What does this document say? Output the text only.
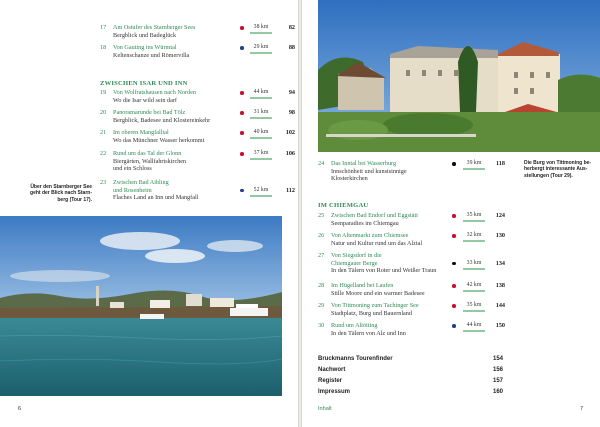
17	Am Ostufer des Starnberger Sees
Bergblick und Badeglück
38 km	82
18	Von Gauting ins Würmtal
Keltenschanze und Römervilla
29 km	88
ZWISCHEN ISAR UND INN
19	Von Wolfratshausen nach Norden
Wo die Isar wild sein darf
44 km	94
20	Panoramarunde bei Bad Tölz
Bergblick, Badesee und Klostereinkehr
31 km	98
21	Im oberen Mangfalltal
Wo das Münchner Wasser herkommt
40 km	102
22	Rund um das Tal der Glonn
Biergärten, Wallfahrtskirchen
und ein Schloss
37 km	106
23	Zwischen Bad Aibling
und Rosenheim
Flaches Land an Inn und Mangfall
52 km	112
Über den Starnberger See
geht der Blick nach Starn-
berg (Tour 17).
6
24	Das Inntal bei Wasserburg
Innschönheit und kunstsinnige
Klosterkirchen
39 km	118	Die Burg von Tittmoning be-
herbergt interessante Aus-
stellungen (Tour 29).
IM CHIEMGAU
25	Zwischen Bad Endorf und Eggstätt
Seenparadies im Chiemgau
35 km	124
26	Von Altenmarkt zum Chiemsee
Natur und Kultur rund um das Alztal
32 km	130
27	Von Siegsdorf in die
Chiemgauer Berge
In den Tälern von Roter und Weißer Traun
33 km	134
28	Im Hügelland bei Laufen
Stille Moore und ein warmer Badesee
42 km	138
29	Von Tittmoning zum Tachinger See
Stadtplatz, Burg und Bauernland
35 km	144
30	Rund um Altötting
In den Tälern von Alz und Inn
44 km	150
Bruckmanns Tourenfinder	154
Nachwort	156
Register	157
Impressum	160
Inhalt	7
